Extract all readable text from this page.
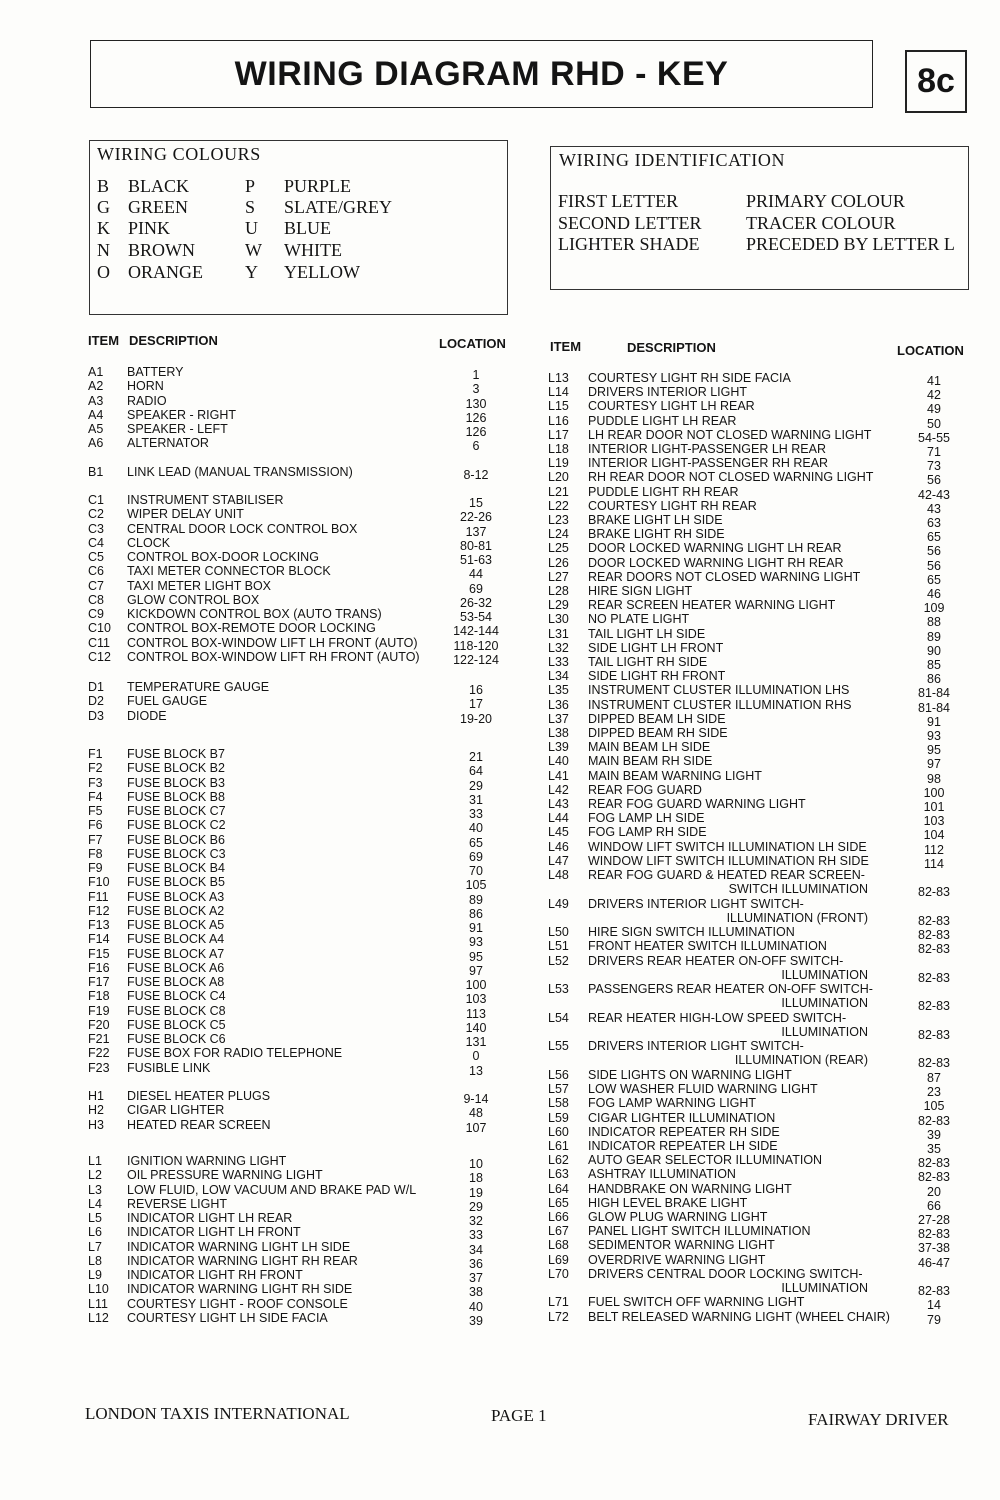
WIRING DIAGRAM RHD - KEY	8c
WIRING COLOURS
B	BLACK	P	PURPLE
G	GREEN	S	SLATE/GREY
K	PINK	U	BLUE
N	BROWN	W	WHITE
O	ORANGE	Y	YELLOW
WIRING IDENTIFICATION
FIRST LETTER	PRIMARY COLOUR
SECOND LETTER	TRACER COLOUR
LIGHTER SHADE	PRECEDED BY LETTER L
ITEM DESCRIPTION	LOCATION	ITEM	DESCRIPTION	LOCATION
A1 BATTERY	1
A2 HORN	3
A3 RADIO	130
A4 SPEAKER - RIGHT	126
A5 SPEAKER - LEFT	126
A6 ALTERNATOR	6
B1 LINK LEAD (MANUAL TRANSMISSION)	8-12
C1 INSTRUMENT STABILISER	15
C2 WIPER DELAY UNIT	22-26
C3 CENTRAL DOOR LOCK CONTROL BOX	137
C4 CLOCK	80-81
C5 CONTROL BOX-DOOR LOCKING	51-63
C6 TAXI METER CONNECTOR BLOCK	44
C7 TAXI METER LIGHT BOX	69
C8 GLOW CONTROL BOX	26-32
C9 KICKDOWN CONTROL BOX (AUTO TRANS)	53-54
C10 CONTROL BOX-REMOTE DOOR LOCKING	142-144
C11 CONTROL BOX-WINDOW LIFT LH FRONT (AUTO)	118-120
C12 CONTROL BOX-WINDOW LIFT RH FRONT (AUTO)	122-124
D1 TEMPERATURE GAUGE	16
D2 FUEL GAUGE	17
D3 DIODE	19-20
F1 FUSE BLOCK B7	21
F2 FUSE BLOCK B2	64
F3 FUSE BLOCK B3	29
F4 FUSE BLOCK B8	31
F5 FUSE BLOCK C7	33
F6 FUSE BLOCK C2	40
F7 FUSE BLOCK B6	65
F8 FUSE BLOCK C3	69
F9 FUSE BLOCK B4	70
F10 FUSE BLOCK B5	105
F11 FUSE BLOCK A3	89
F12 FUSE BLOCK A2	86
F13 FUSE BLOCK A5	91
F14 FUSE BLOCK A4	93
F15 FUSE BLOCK A7	95
F16 FUSE BLOCK A6	97
F17 FUSE BLOCK A8	100
F18 FUSE BLOCK C4	103
F19 FUSE BLOCK C8	113
F20 FUSE BLOCK C5	140
F21 FUSE BLOCK C6	131
F22 FUSE BOX FOR RADIO TELEPHONE	0
F23 FUSIBLE LINK	13
H1 DIESEL HEATER PLUGS	9-14
H2 CIGAR LIGHTER	48
H3 HEATED REAR SCREEN	107
L1 IGNITION WARNING LIGHT	10
L2 OIL PRESSURE WARNING LIGHT	18
L3 LOW FLUID, LOW VACUUM AND BRAKE PAD W/L	19
L4 REVERSE LIGHT	29
L5 INDICATOR LIGHT LH REAR	32
L6 INDICATOR LIGHT LH FRONT	33
L7 INDICATOR WARNING LIGHT LH SIDE	34
L8 INDICATOR WARNING LIGHT RH REAR	36
L9 INDICATOR LIGHT RH FRONT	37
L10 INDICATOR WARNING LIGHT RH SIDE	38
L11 COURTESY LIGHT - ROOF CONSOLE	40
L12 COURTESY LIGHT LH SIDE FACIA	39
L13 COURTESY LIGHT RH SIDE FACIA	41
L14 DRIVERS INTERIOR LIGHT	42
L15 COURTESY LIGHT LH REAR	49
L16 PUDDLE LIGHT LH REAR	50
L17 LH REAR DOOR NOT CLOSED WARNING LIGHT	54-55
L18 INTERIOR LIGHT-PASSENGER LH REAR	71
L19 INTERIOR LIGHT-PASSENGER RH REAR	73
L20 RH REAR DOOR NOT CLOSED WARNING LIGHT	56
L21 PUDDLE LIGHT RH REAR	42-43
L22 COURTESY LIGHT RH REAR	43
L23 BRAKE LIGHT LH SIDE	63
L24 BRAKE LIGHT RH SIDE	65
L25 DOOR LOCKED WARNING LIGHT LH REAR	56
L26 DOOR LOCKED WARNING LIGHT RH REAR	56
L27 REAR DOORS NOT CLOSED WARNING LIGHT	65
L28 HIRE SIGN LIGHT	46
L29 REAR SCREEN HEATER WARNING LIGHT	109
L30 NO PLATE LIGHT	88
L31 TAIL LIGHT LH SIDE	89
L32 SIDE LIGHT LH FRONT	90
L33 TAIL LIGHT RH SIDE	85
L34 SIDE LIGHT RH FRONT	86
L35 INSTRUMENT CLUSTER ILLUMINATION LHS	81-84
L36 INSTRUMENT CLUSTER ILLUMINATION RHS	81-84
L37 DIPPED BEAM LH SIDE	91
L38 DIPPED BEAM RH SIDE	93
L39 MAIN BEAM LH SIDE	95
L40 MAIN BEAM RH SIDE	97
L41 MAIN BEAM WARNING LIGHT	98
L42 REAR FOG GUARD	100
L43 REAR FOG GUARD WARNING LIGHT	101
L44 FOG LAMP LH SIDE	103
L45 FOG LAMP RH SIDE	104
L46 WINDOW LIFT SWITCH ILLUMINATION LH SIDE	112
L47 WINDOW LIFT SWITCH ILLUMINATION RH SIDE	114
L48 REAR FOG GUARD & HEATED REAR SCREEN-
SWITCH ILLUMINATION	82-83
L49 DRIVERS INTERIOR LIGHT SWITCH-
ILLUMINATION (FRONT)	82-83
L50 HIRE SIGN SWITCH ILLUMINATION	82-83
L51 FRONT HEATER SWITCH ILLUMINATION	82-83
L52 DRIVERS REAR HEATER ON-OFF SWITCH-
ILLUMINATION	82-83
L53 PASSENGERS REAR HEATER ON-OFF SWITCH-
ILLUMINATION	82-83
L54 REAR HEATER HIGH-LOW SPEED SWITCH-
ILLUMINATION	82-83
L55 DRIVERS INTERIOR LIGHT SWITCH-
ILLUMINATION (REAR)	82-83
L56 SIDE LIGHTS ON WARNING LIGHT	87
L57 LOW WASHER FLUID WARNING LIGHT	23
L58 FOG LAMP WARNING LIGHT	105
L59 CIGAR LIGHTER ILLUMINATION	82-83
L60 INDICATOR REPEATER RH SIDE	39
L61 INDICATOR REPEATER LH SIDE	35
L62 AUTO GEAR SELECTOR ILLUMINATION	82-83
L63 ASHTRAY ILLUMINATION	82-83
L64 HANDBRAKE ON WARNING LIGHT	20
L65 HIGH LEVEL BRAKE LIGHT	66
L66 GLOW PLUG WARNING LIGHT	27-28
L67 PANEL LIGHT SWITCH ILLUMINATION	82-83
L68 SEDIMENTOR WARNING LIGHT	37-38
L69 OVERDRIVE WARNING LIGHT	46-47
L70 DRIVERS CENTRAL DOOR LOCKING SWITCH-
ILLUMINATION	82-83
L71 FUEL SWITCH OFF WARNING LIGHT	14
L72 BELT RELEASED WARNING LIGHT (WHEEL CHAIR)	79
LONDON TAXIS INTERNATIONAL	PAGE 1	FAIRWAY DRIVER
